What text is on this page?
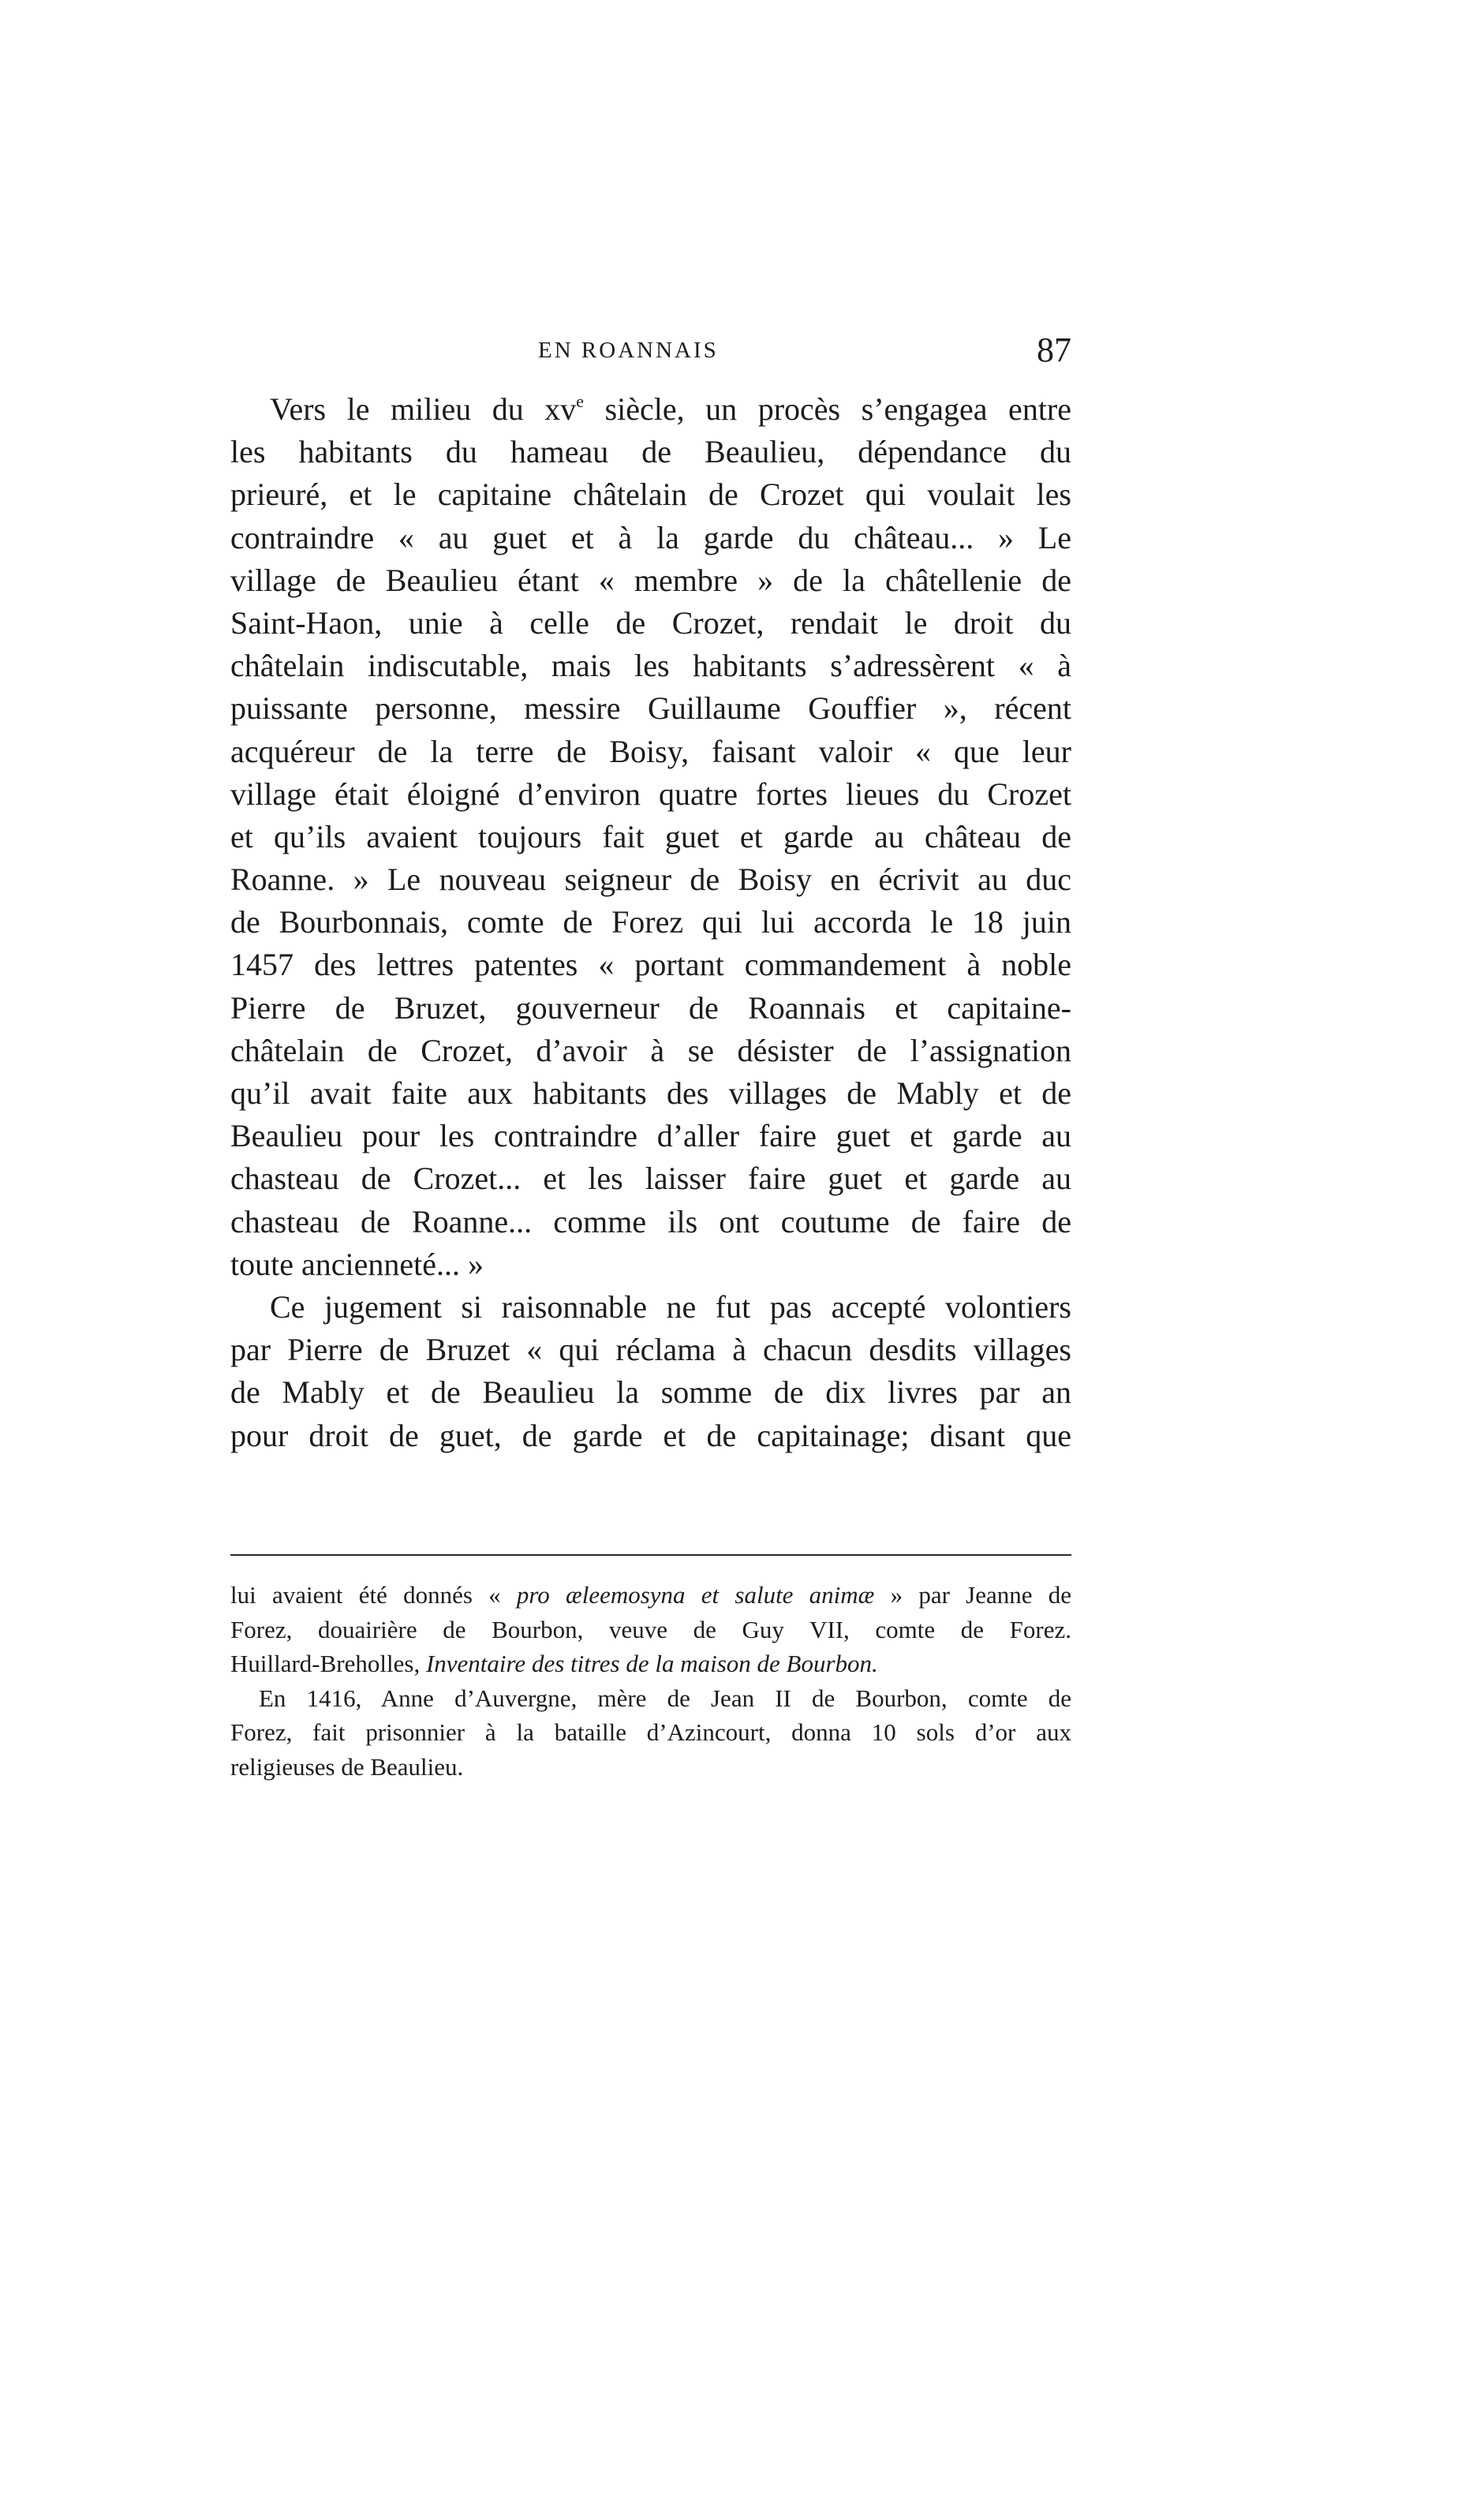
EN ROANNAIS	87
Vers le milieu du $xv^e$ siècle, un procès s’engagea entre
les habitants du hameau de Beaulieu, dépendance du
prieuré, et le capitaine châtelain de Crozet qui voulait les
contraindre « au guet et à la garde du château... » Le
village de Beaulieu étant « membre » de la châtellenie de
Saint-Haon, unie à celle de Crozet, rendait le droit du
châtelain indiscutable, mais les habitants s’adressèrent « à
puissante personne, messire Guillaume Gouffier », récent
acquéreur de la terre de Boisy, faisant valoir « que leur
village était éloigné d’environ quatre fortes lieues du Crozet
et qu’ils avaient toujours fait guet et garde au château de
Roanne. » Le nouveau seigneur de Boisy en écrivit au duc
de Bourbonnais, comte de Forez qui lui accorda le 18 juin
1457 des lettres patentes « portant commandement à noble
Pierre de Bruzet, gouverneur de Roannais et capitaine-
châtelain de Crozet, d’avoir à se désister de l’assignation
qu’il avait faite aux habitants des villages de Mably et de
Beaulieu pour les contraindre d’aller faire guet et garde au
chasteau de Crozet... et les laisser faire guet et garde au
chasteau de Roanne... comme ils ont coutume de faire de
toute ancienneté... »
Ce jugement si raisonnable ne fut pas accepté volontiers
par Pierre de Bruzet « qui réclama à chacun desdits villages
de Mably et de Beaulieu la somme de dix livres par an
pour droit de guet, de garde et de capitainage; disant que
lui avaient été donnés « pro æleemosyna et salute animæ » par Jeanne de
Forez, douairière de Bourbon, veuve de Guy VII, comte de Forez.
Huillard-Breholles, Inventaire des titres de la maison de Bourbon.
En 1416, Anne d’Auvergne, mère de Jean II de Bourbon, comte de
Forez, fait prisonnier à la bataille d’Azincourt, donna 10 sols d’or aux
religieuses de Beaulieu.
